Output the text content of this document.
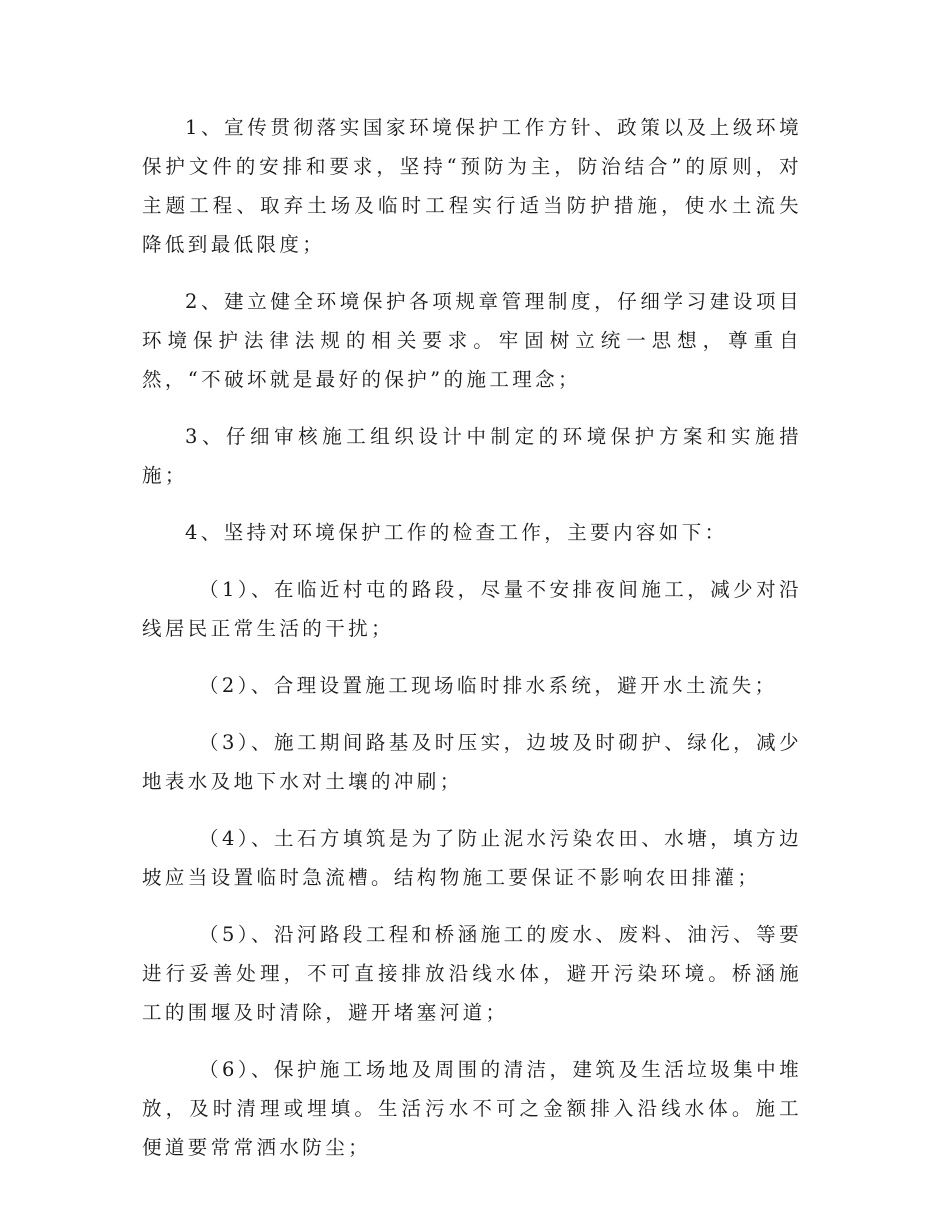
1、宣传贯彻落实国家环境保护工作方针、政策以及上级环境保护文件的安排和要求，坚持“预防为主，防治结合”的原则，对主题工程、取弃土场及临时工程实行适当防护措施，使水土流失降低到最低限度；

2、建立健全环境保护各项规章管理制度，仔细学习建设项目环境保护法律法规的相关要求。牢固树立统一思想，尊重自然，“不破坏就是最好的保护”的施工理念；

3、仔细审核施工组织设计中制定的环境保护方案和实施措施；

4、坚持对环境保护工作的检查工作，主要内容如下：

（1）、在临近村屯的路段，尽量不安排夜间施工，减少对沿线居民正常生活的干扰；

（2）、合理设置施工现场临时排水系统，避开水土流失；

（3）、施工期间路基及时压实，边坡及时砌护、绿化，减少地表水及地下水对土壤的冲刷；

（4）、土石方填筑是为了防止泥水污染农田、水塘，填方边坡应当设置临时急流槽。结构物施工要保证不影响农田排灌；

（5）、沿河路段工程和桥涵施工的废水、废料、油污、等要进行妥善处理，不可直接排放沿线水体，避开污染环境。桥涵施工的围堰及时清除，避开堵塞河道；

（6）、保护施工场地及周围的清洁，建筑及生活垃圾集中堆放，及时清理或埋填。生活污水不可之金额排入沿线水体。施工便道要常常洒水防尘；
